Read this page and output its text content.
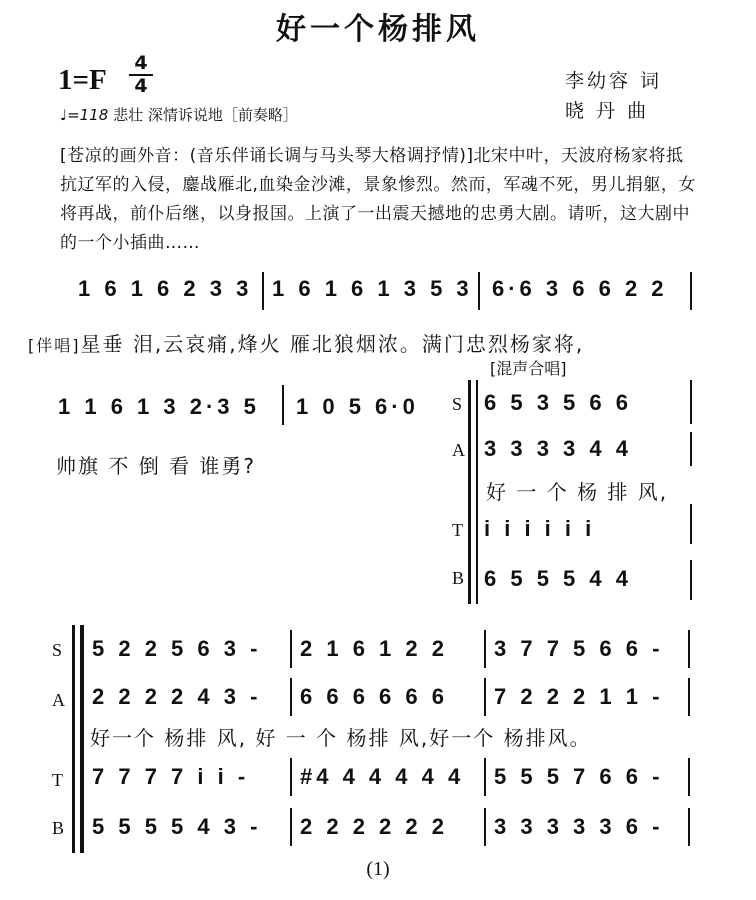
好一个杨排风
1=F
4
4	李幼容 词
晓 丹 曲
♩=118 悲壮 深情诉说地［前奏略］
[苍凉的画外音：(音乐伴诵长调与马头琴大格调抒情)]北宋中叶，天波府杨家将抵抗辽军的入侵，鏖战雁北,血染金沙滩，景象惨烈。然而，军魂不死，男儿捐躯，女将再战，前仆后继，以身报国。上演了一出震天撼地的忠勇大剧。请听，这大剧中的一个小插曲……
1 6 1 6 2 3 3 1 6 1 6 1 3 5 3 6·6 3 6 6 2 2
[伴唱]星垂 泪,云哀痛,烽火 雁北狼烟浓。满门忠烈杨家将,
[混声合唱]
1 1 6 1 3 2·3 5 1 0 5 6·0
帅旗 不 倒 看 谁勇?
S
A
T
B
6 5 3 5 6 6
3 3 3 3 4 4
好 一 个 杨 排 风,
i i i i i i
6 5 5 5 4 4
S
A
T
B
5 2 2 5 6 3 - 2 1 6 1 2 2 3 7 7 5 6 6 -
2 2 2 2 4 3 - 6 6 6 6 6 6 7 2 2 2 1 1 -
好一个 杨排 风, 好 一 个 杨排 风,好一个 杨排风。
7 7 7 7 i i - #4 4 4 4 4 4 5 5 5 7 6 6 -
5 5 5 5 4 3 - 2 2 2 2 2 2 3 3 3 3 3 6 -
(1)
